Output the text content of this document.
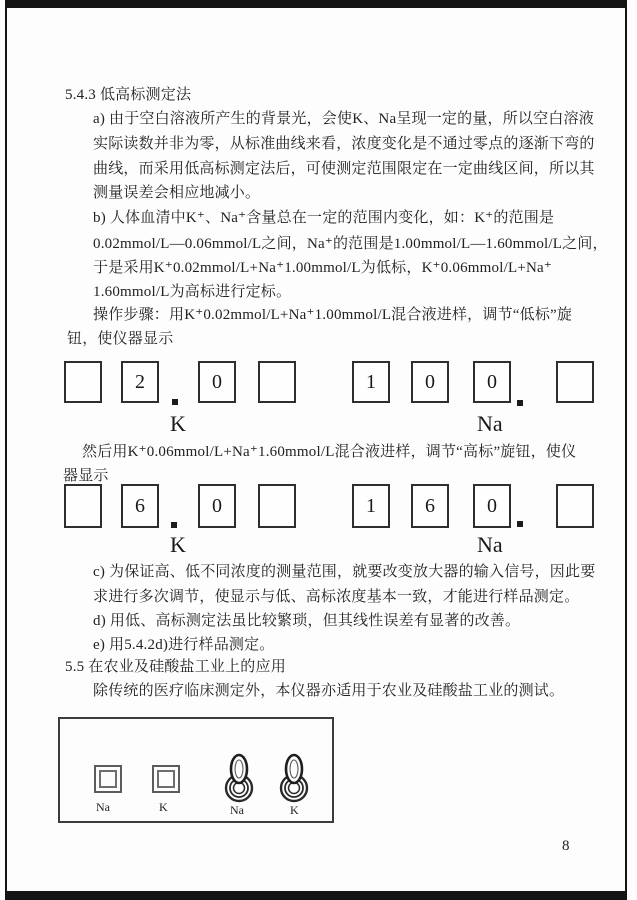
5.4.3 低高标测定法
a) 由于空白溶液所产生的背景光，会使K、Na呈现一定的量，所以空白溶液
实际读数并非为零，从标准曲线来看，浓度变化是不通过零点的逐渐下弯的
曲线，而采用低高标测定法后，可使测定范围限定在一定曲线区间，所以其
测量误差会相应地减小。
b) 人体血清中K⁺、Na⁺含量总在一定的范围内变化，如：K⁺的范围是
0.02mmol/L—0.06mmol/L之间，Na⁺的范围是1.00mmol/L—1.60mmol/L之间，
于是采用K⁺0.02mmol/L+Na⁺1.00mmol/L为低标，K⁺0.06mmol/L+Na⁺
1.60mmol/L为高标进行定标。
操作步骤：用K⁺0.02mmol/L+Na⁺1.00mmol/L混合液进样，调节“低标”旋
钮，使仪器显示
2	0	1	0	0
K	Na
然后用K⁺0.06mmol/L+Na⁺1.60mmol/L混合液进样，调节“高标”旋钮，使仪
器显示
6	0	1	6	0
K	Na
c) 为保证高、低不同浓度的测量范围，就要改变放大器的输入信号，因此要
求进行多次调节，使显示与低、高标浓度基本一致，才能进行样品测定。
d) 用低、高标测定法虽比较繁琐，但其线性误差有显著的改善。
e) 用5.4.2d)进行样品测定。
5.5 在农业及硅酸盐工业上的应用
除传统的医疗临床测定外，本仪器亦适用于农业及硅酸盐工业的测试。
Na	K	Na	K
8
